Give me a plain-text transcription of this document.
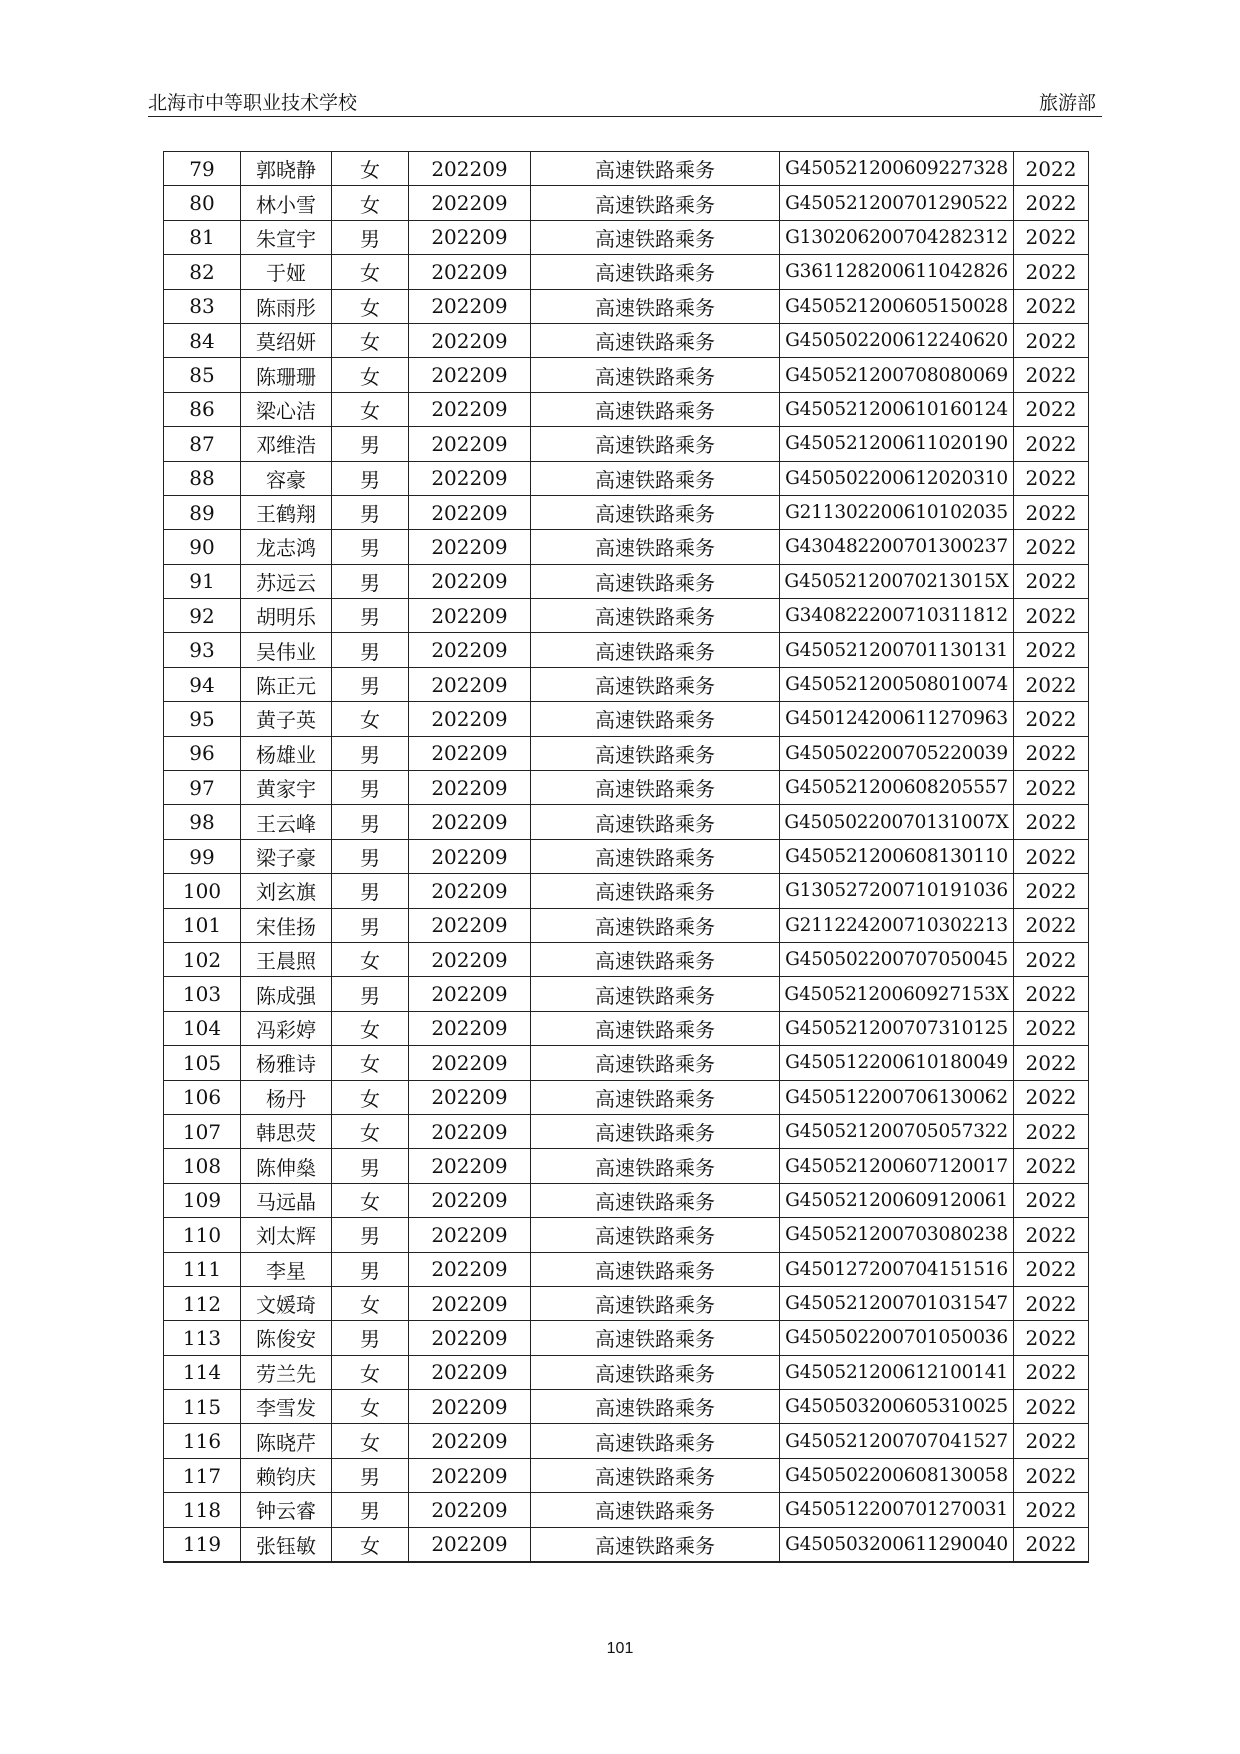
北海市中等职业技术学校	旅游部
79	郭晓静	女	202209	高速铁路乘务	G450521200609227328	2022
80	林小雪	女	202209	高速铁路乘务	G450521200701290522	2022
81	朱宣宇	男	202209	高速铁路乘务	G130206200704282312	2022
82	于娅	女	202209	高速铁路乘务	G361128200611042826	2022
83	陈雨彤	女	202209	高速铁路乘务	G450521200605150028	2022
84	莫绍妍	女	202209	高速铁路乘务	G450502200612240620	2022
85	陈珊珊	女	202209	高速铁路乘务	G450521200708080069	2022
86	梁心洁	女	202209	高速铁路乘务	G450521200610160124	2022
87	邓维浩	男	202209	高速铁路乘务	G450521200611020190	2022
88	容豪	男	202209	高速铁路乘务	G450502200612020310	2022
89	王鹤翔	男	202209	高速铁路乘务	G211302200610102035	2022
90	龙志鸿	男	202209	高速铁路乘务	G430482200701300237	2022
91	苏远云	男	202209	高速铁路乘务	G45052120070213015X	2022
92	胡明乐	男	202209	高速铁路乘务	G340822200710311812	2022
93	吴伟业	男	202209	高速铁路乘务	G450521200701130131	2022
94	陈正元	男	202209	高速铁路乘务	G450521200508010074	2022
95	黄子英	女	202209	高速铁路乘务	G450124200611270963	2022
96	杨雄业	男	202209	高速铁路乘务	G450502200705220039	2022
97	黄家宇	男	202209	高速铁路乘务	G450521200608205557	2022
98	王云峰	男	202209	高速铁路乘务	G45050220070131007X	2022
99	梁子豪	男	202209	高速铁路乘务	G450521200608130110	2022
100	刘玄旗	男	202209	高速铁路乘务	G130527200710191036	2022
101	宋佳扬	男	202209	高速铁路乘务	G211224200710302213	2022
102	王晨照	女	202209	高速铁路乘务	G450502200707050045	2022
103	陈成强	男	202209	高速铁路乘务	G45052120060927153X	2022
104	冯彩婷	女	202209	高速铁路乘务	G450521200707310125	2022
105	杨雅诗	女	202209	高速铁路乘务	G450512200610180049	2022
106	杨丹	女	202209	高速铁路乘务	G450512200706130062	2022
107	韩思荧	女	202209	高速铁路乘务	G450521200705057322	2022
108	陈伸燊	男	202209	高速铁路乘务	G450521200607120017	2022
109	马远晶	女	202209	高速铁路乘务	G450521200609120061	2022
110	刘太辉	男	202209	高速铁路乘务	G450521200703080238	2022
111	李星	男	202209	高速铁路乘务	G450127200704151516	2022
112	文媛琦	女	202209	高速铁路乘务	G450521200701031547	2022
113	陈俊安	男	202209	高速铁路乘务	G450502200701050036	2022
114	劳兰先	女	202209	高速铁路乘务	G450521200612100141	2022
115	李雪发	女	202209	高速铁路乘务	G450503200605310025	2022
116	陈晓芹	女	202209	高速铁路乘务	G450521200707041527	2022
117	赖钧庆	男	202209	高速铁路乘务	G450502200608130058	2022
118	钟云睿	男	202209	高速铁路乘务	G450512200701270031	2022
119	张钰敏	女	202209	高速铁路乘务	G450503200611290040	2022
101
